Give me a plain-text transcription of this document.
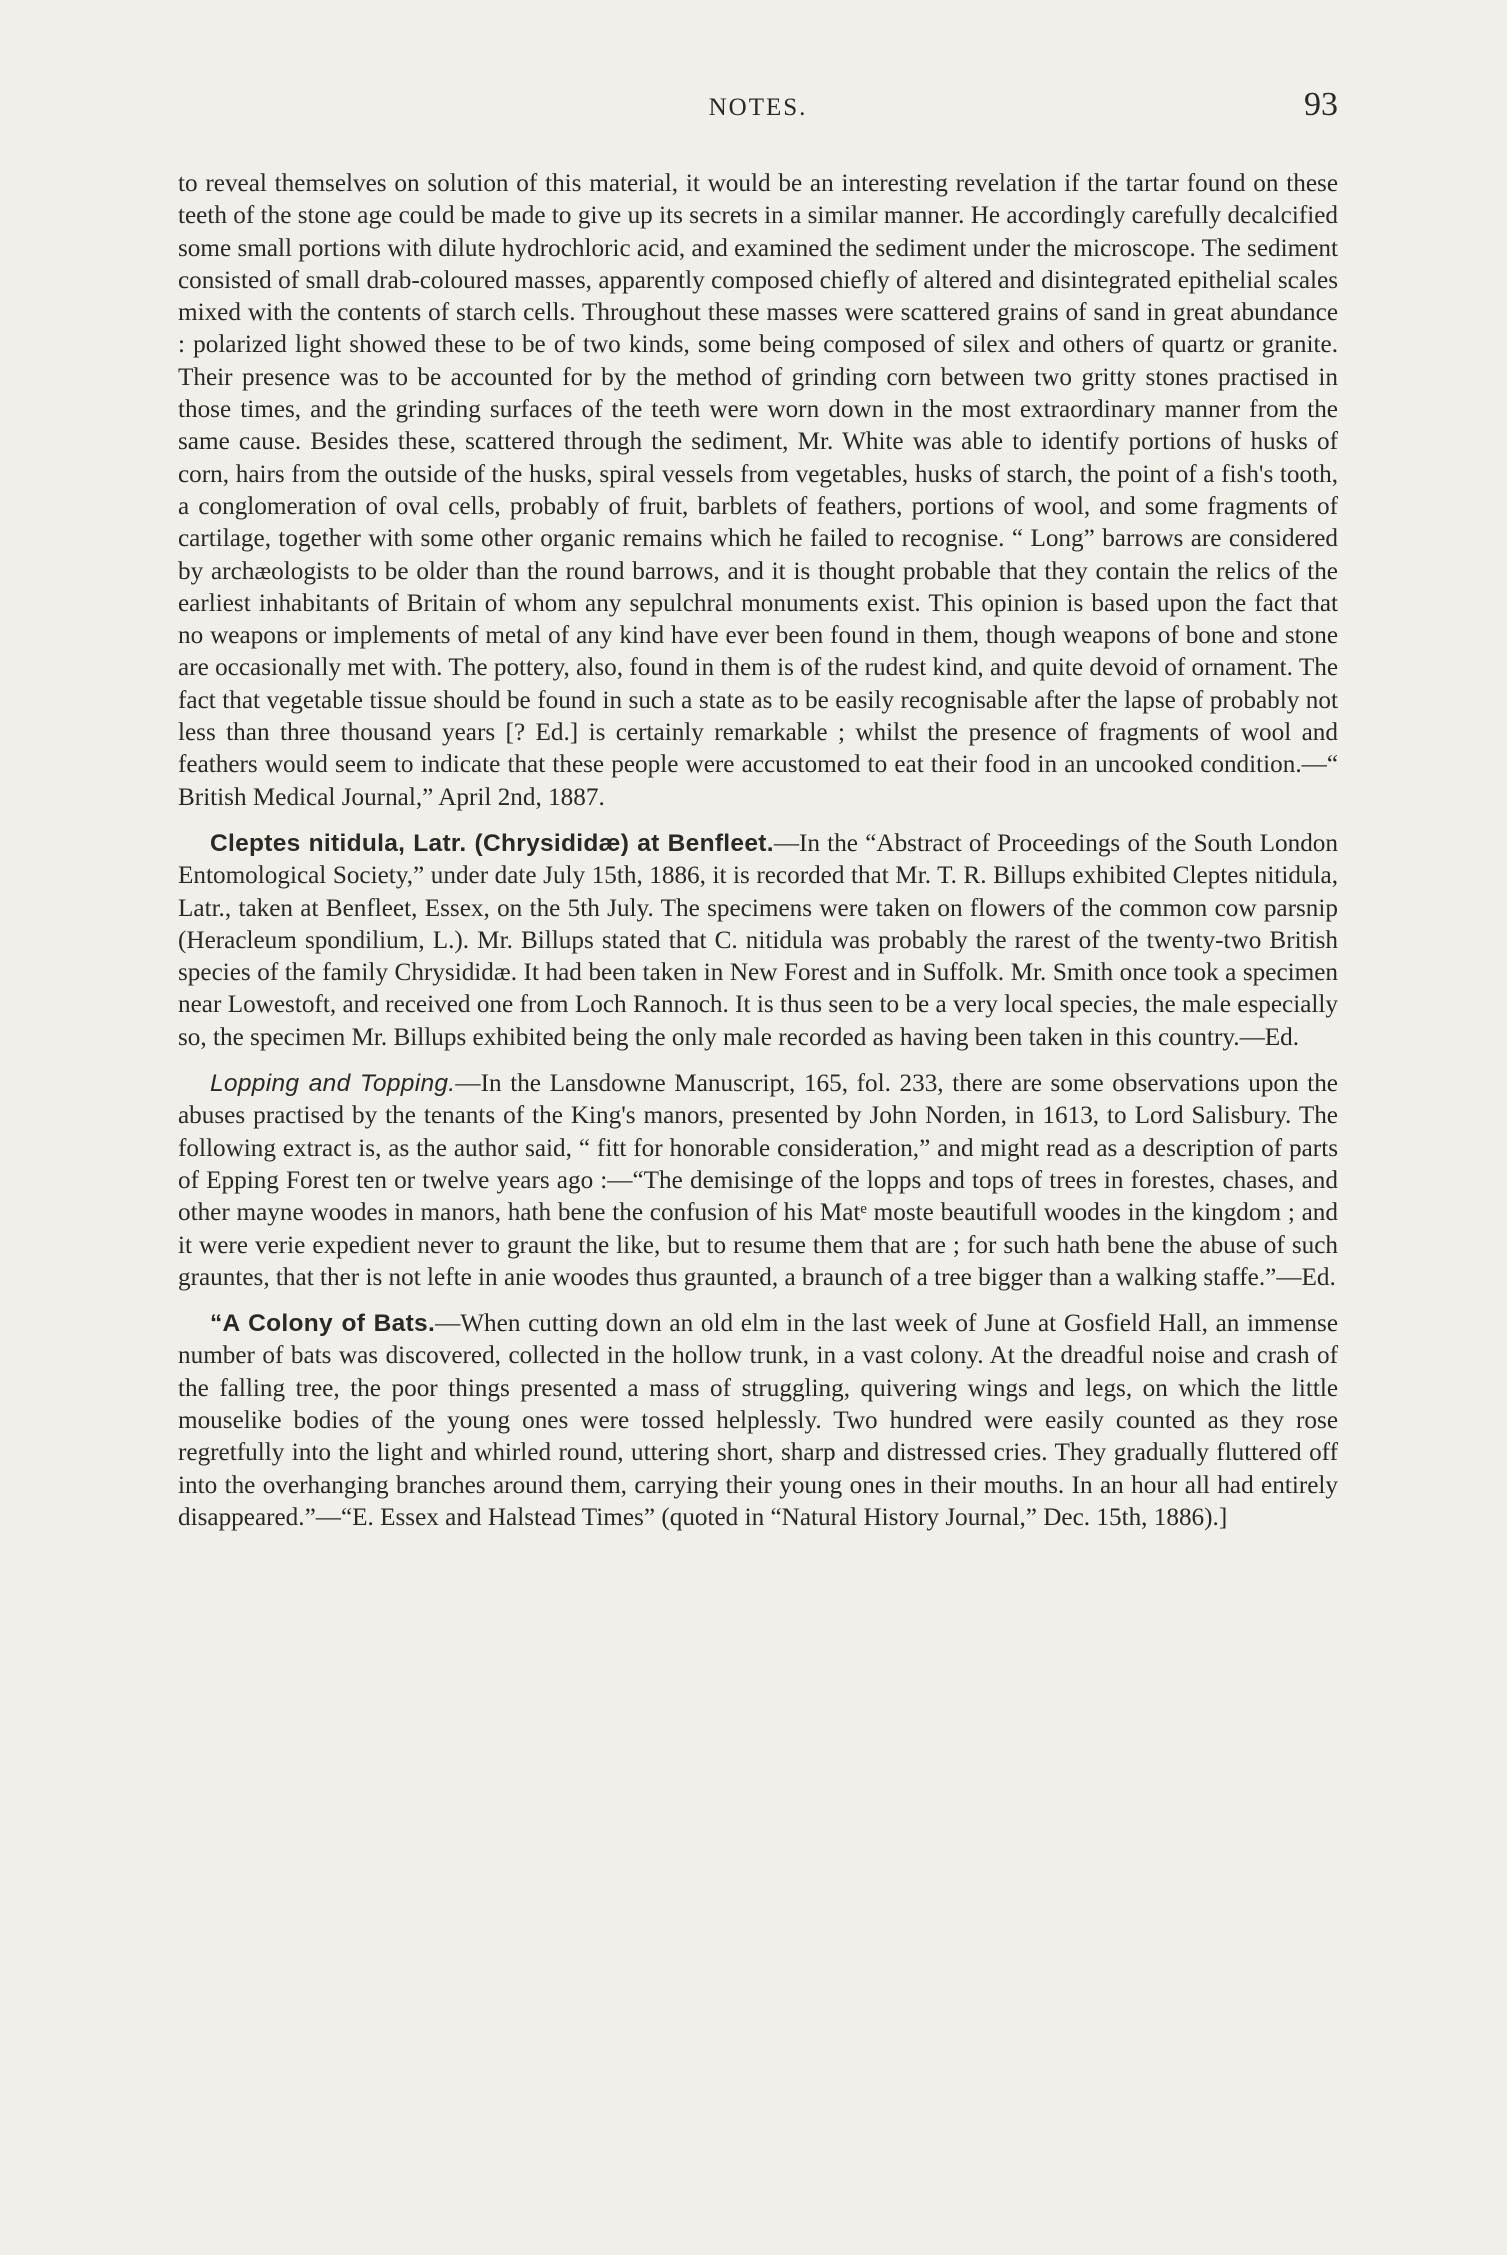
NOTES.	93

to reveal themselves on solution of this material, it would be an interesting revelation if the tartar found on these teeth of the stone age could be made to give up its secrets in a similar manner. He accordingly carefully decalcified some small portions with dilute hydrochloric acid, and examined the sediment under the microscope. The sediment consisted of small drab-coloured masses, apparently composed chiefly of altered and disintegrated epithelial scales mixed with the contents of starch cells. Throughout these masses were scattered grains of sand in great abundance : polarized light showed these to be of two kinds, some being composed of silex and others of quartz or granite. Their presence was to be accounted for by the method of grinding corn between two gritty stones practised in those times, and the grinding surfaces of the teeth were worn down in the most extraordinary manner from the same cause. Besides these, scattered through the sediment, Mr. White was able to identify portions of husks of corn, hairs from the outside of the husks, spiral vessels from vegetables, husks of starch, the point of a fish's tooth, a conglomeration of oval cells, probably of fruit, barblets of feathers, portions of wool, and some fragments of cartilage, together with some other organic remains which he failed to recognise. “ Long” barrows are considered by archæologists to be older than the round barrows, and it is thought probable that they contain the relics of the earliest inhabitants of Britain of whom any sepulchral monuments exist. This opinion is based upon the fact that no weapons or implements of metal of any kind have ever been found in them, though weapons of bone and stone are occasionally met with. The pottery, also, found in them is of the rudest kind, and quite devoid of ornament. The fact that vegetable tissue should be found in such a state as to be easily recognisable after the lapse of probably not less than three thousand years [? Ed.] is certainly remarkable ; whilst the presence of fragments of wool and feathers would seem to indicate that these people were accustomed to eat their food in an uncooked condition.—“ British Medical Journal,” April 2nd, 1887.

Cleptes nitidula, Latr. (Chrysididæ) at Benfleet.—In the “Abstract of Proceedings of the South London Entomological Society,” under date July 15th, 1886, it is recorded that Mr. T. R. Billups exhibited Cleptes nitidula, Latr., taken at Benfleet, Essex, on the 5th July. The specimens were taken on flowers of the common cow parsnip (Heracleum spondilium, L.). Mr. Billups stated that C. nitidula was probably the rarest of the twenty-two British species of the family Chrysididæ. It had been taken in New Forest and in Suffolk. Mr. Smith once took a specimen near Lowestoft, and received one from Loch Rannoch. It is thus seen to be a very local species, the male especially so, the specimen Mr. Billups exhibited being the only male recorded as having been taken in this country.—Ed.

Lopping and Topping.—In the Lansdowne Manuscript, 165, fol. 233, there are some observations upon the abuses practised by the tenants of the King's manors, presented by John Norden, in 1613, to Lord Salisbury. The following extract is, as the author said, “ fitt for honorable consideration,” and might read as a description of parts of Epping Forest ten or twelve years ago :—“The demisinge of the lopps and tops of trees in forestes, chases, and other mayne woodes in manors, hath bene the confusion of his Matᵉ moste beautifull woodes in the kingdom ; and it were verie expedient never to graunt the like, but to resume them that are ; for such hath bene the abuse of such grauntes, that ther is not lefte in anie woodes thus graunted, a braunch of a tree bigger than a walking staffe.”—Ed.

“A Colony of Bats.—When cutting down an old elm in the last week of June at Gosfield Hall, an immense number of bats was discovered, collected in the hollow trunk, in a vast colony. At the dreadful noise and crash of the falling tree, the poor things presented a mass of struggling, quivering wings and legs, on which the little mouselike bodies of the young ones were tossed helplessly. Two hundred were easily counted as they rose regretfully into the light and whirled round, uttering short, sharp and distressed cries. They gradually fluttered off into the overhanging branches around them, carrying their young ones in their mouths. In an hour all had entirely disappeared.”—“E. Essex and Halstead Times” (quoted in “Natural History Journal,” Dec. 15th, 1886).]
